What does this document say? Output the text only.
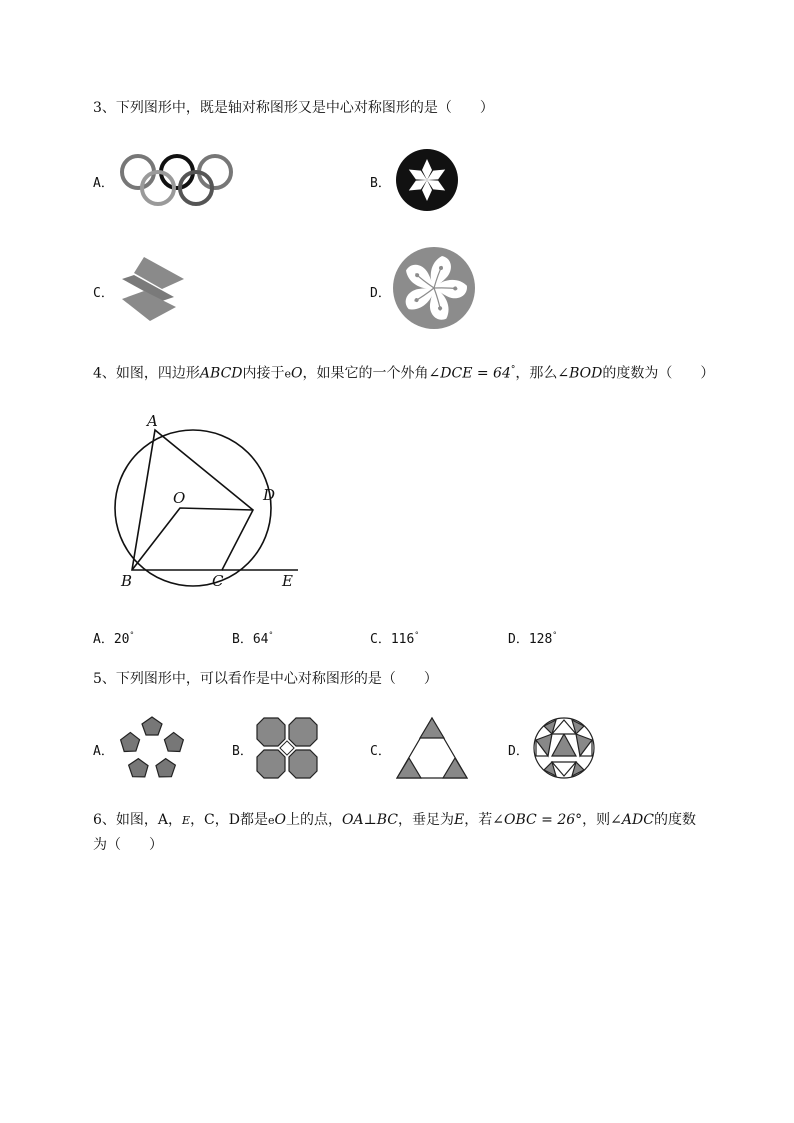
3、下列图形中，既是轴对称图形又是中心对称图形的是（　　）
A．	B．
C．	D．
4、如图，四边形ABCD内接于eO，如果它的一个外角∠DCE = 64°，那么∠BOD的度数为（　　）
A
O	D
B	C	E
A．20°	B．64°	C．116°	D．128°
5、下列图形中，可以看作是中心对称图形的是（　　）
A．	B．	C．	D．
6、如图，A，E，C，D都是eO上的点，OA⊥BC，垂足为E，若∠OBC = 26°，则∠ADC的度数
为（　　）
